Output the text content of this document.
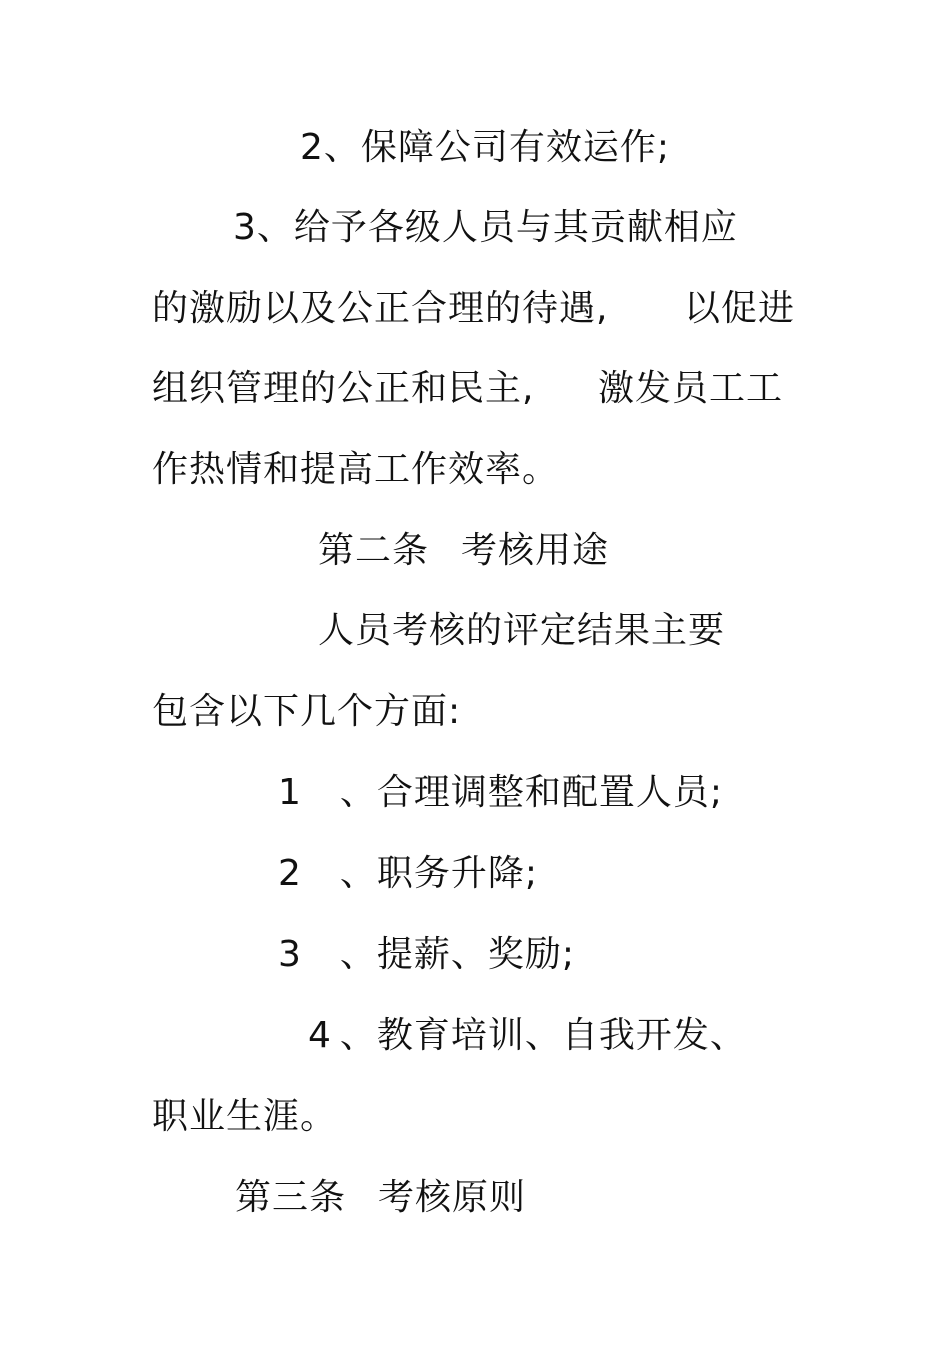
2、保障公司有效运作;
3、给予各级人员与其贡献相应
的激励以及公正合理的待遇, 以促进
组织管理的公正和民主, 激发员工工
作热情和提高工作效率。
第二条 考核用途
人员考核的评定结果主要
包含以下几个方面:
1 、合理调整和配置人员;
2 、职务升降;
3 、提薪、奖励;
4 、教育培训、自我开发、
职业生涯。
第三条 考核原则
